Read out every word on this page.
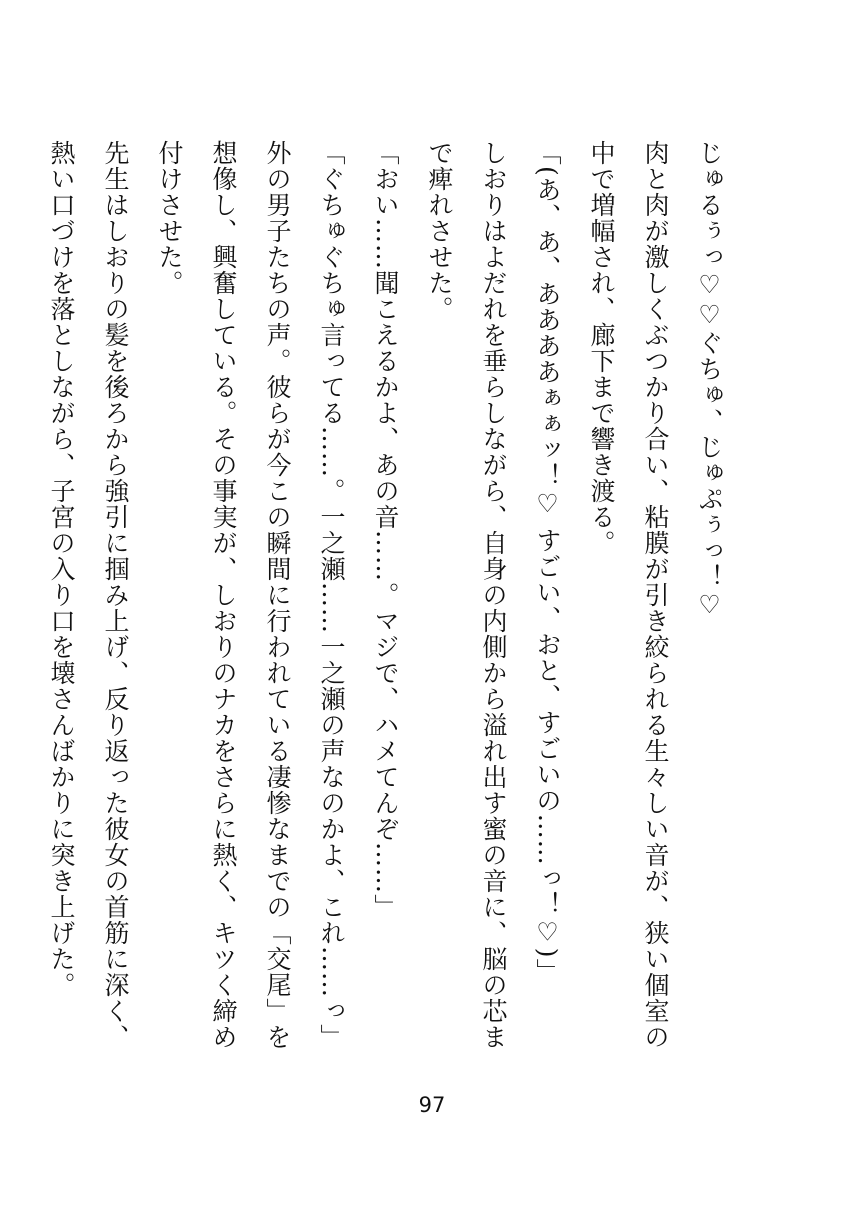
じゅるぅっ♡♡ぐちゅ、じゅぷぅっ！♡

肉と肉が激しくぶつかり合い、粘膜が引き絞られる生々しい音が、狭い個室の中で増幅され、廊下まで響き渡る。

「(あ、あ、ああああぁぁッ！♡ すごい、おと、すごいの……っ！♡)」

しおりはよだれを垂らしながら、自身の内側から溢れ出す蜜の音に、脳の芯まで痺れさせた。

「おい……聞こえるかよ、あの音……。マジで、ハメてんぞ……」

「ぐちゅぐちゅ言ってる……。一之瀬……一之瀬の声なのかよ、これ……っ」

外の男子たちの声。彼らが今この瞬間に行われている凄惨なまでの「交尾」を想像し、興奮している。その事実が、しおりのナカをさらに熱く、キツく締め付けさせた。

先生はしおりの髪を後ろから強引に掴み上げ、反り返った彼女の首筋に深く、熱い口づけを落としながら、子宮の入り口を壊さんばかりに突き上げた。

97
